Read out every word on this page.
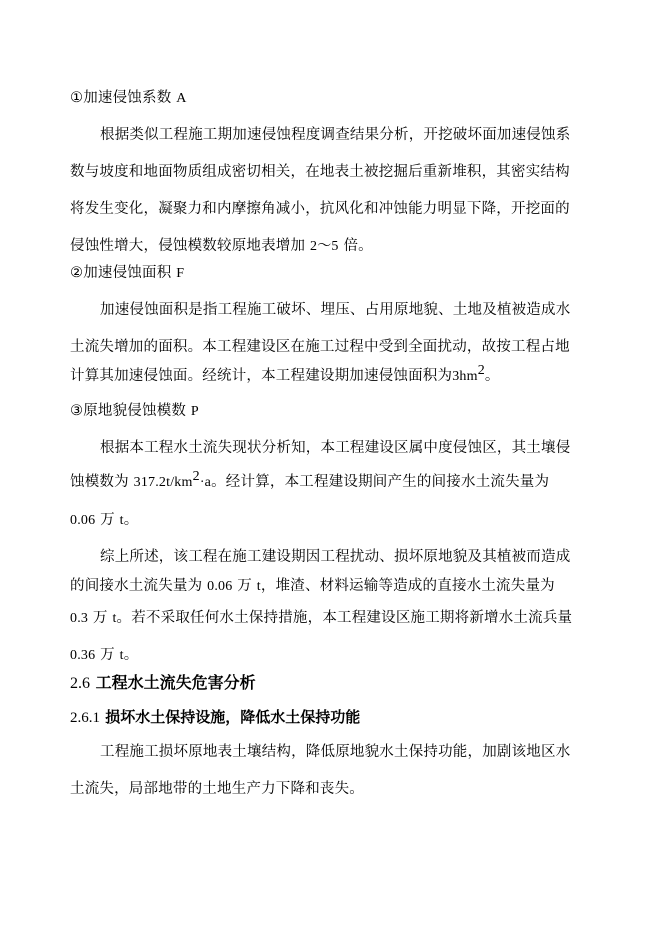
①加速侵蚀系数 A
根据类似工程施工期加速侵蚀程度调查结果分析，开挖破坏面加速侵蚀系
数与坡度和地面物质组成密切相关，在地表土被挖掘后重新堆积，其密实结构
将发生变化，凝聚力和内摩擦角减小，抗风化和冲蚀能力明显下降，开挖面的
侵蚀性增大，侵蚀模数较原地表增加 2～5 倍。
②加速侵蚀面积 F
加速侵蚀面积是指工程施工破坏、埋压、占用原地貌、土地及植被造成水
土流失增加的面积。本工程建设区在施工过程中受到全面扰动，故按工程占地
计算其加速侵蚀面。经统计，本工程建设期加速侵蚀面积为$3hm^2$。
③原地貌侵蚀模数 P
根据本工程水土流失现状分析知，本工程建设区属中度侵蚀区，其土壤侵
蚀模数为 $317.2t/km^2\cdot a$。经计算，本工程建设期间产生的间接水土流失量为
0.06 万 t。
综上所述，该工程在施工建设期因工程扰动、损坏原地貌及其植被而造成
的间接水土流失量为 0.06 万 t，堆渣、材料运输等造成的直接水土流失量为
0.3 万 t。若不采取任何水土保持措施，本工程建设区施工期将新增水土流兵量
0.36 万 t。
2.6 工程水土流失危害分析
2.6.1 损坏水土保持设施，降低水土保持功能
工程施工损坏原地表土壤结构，降低原地貌水土保持功能，加剧该地区水
土流失，局部地带的土地生产力下降和丧失。
